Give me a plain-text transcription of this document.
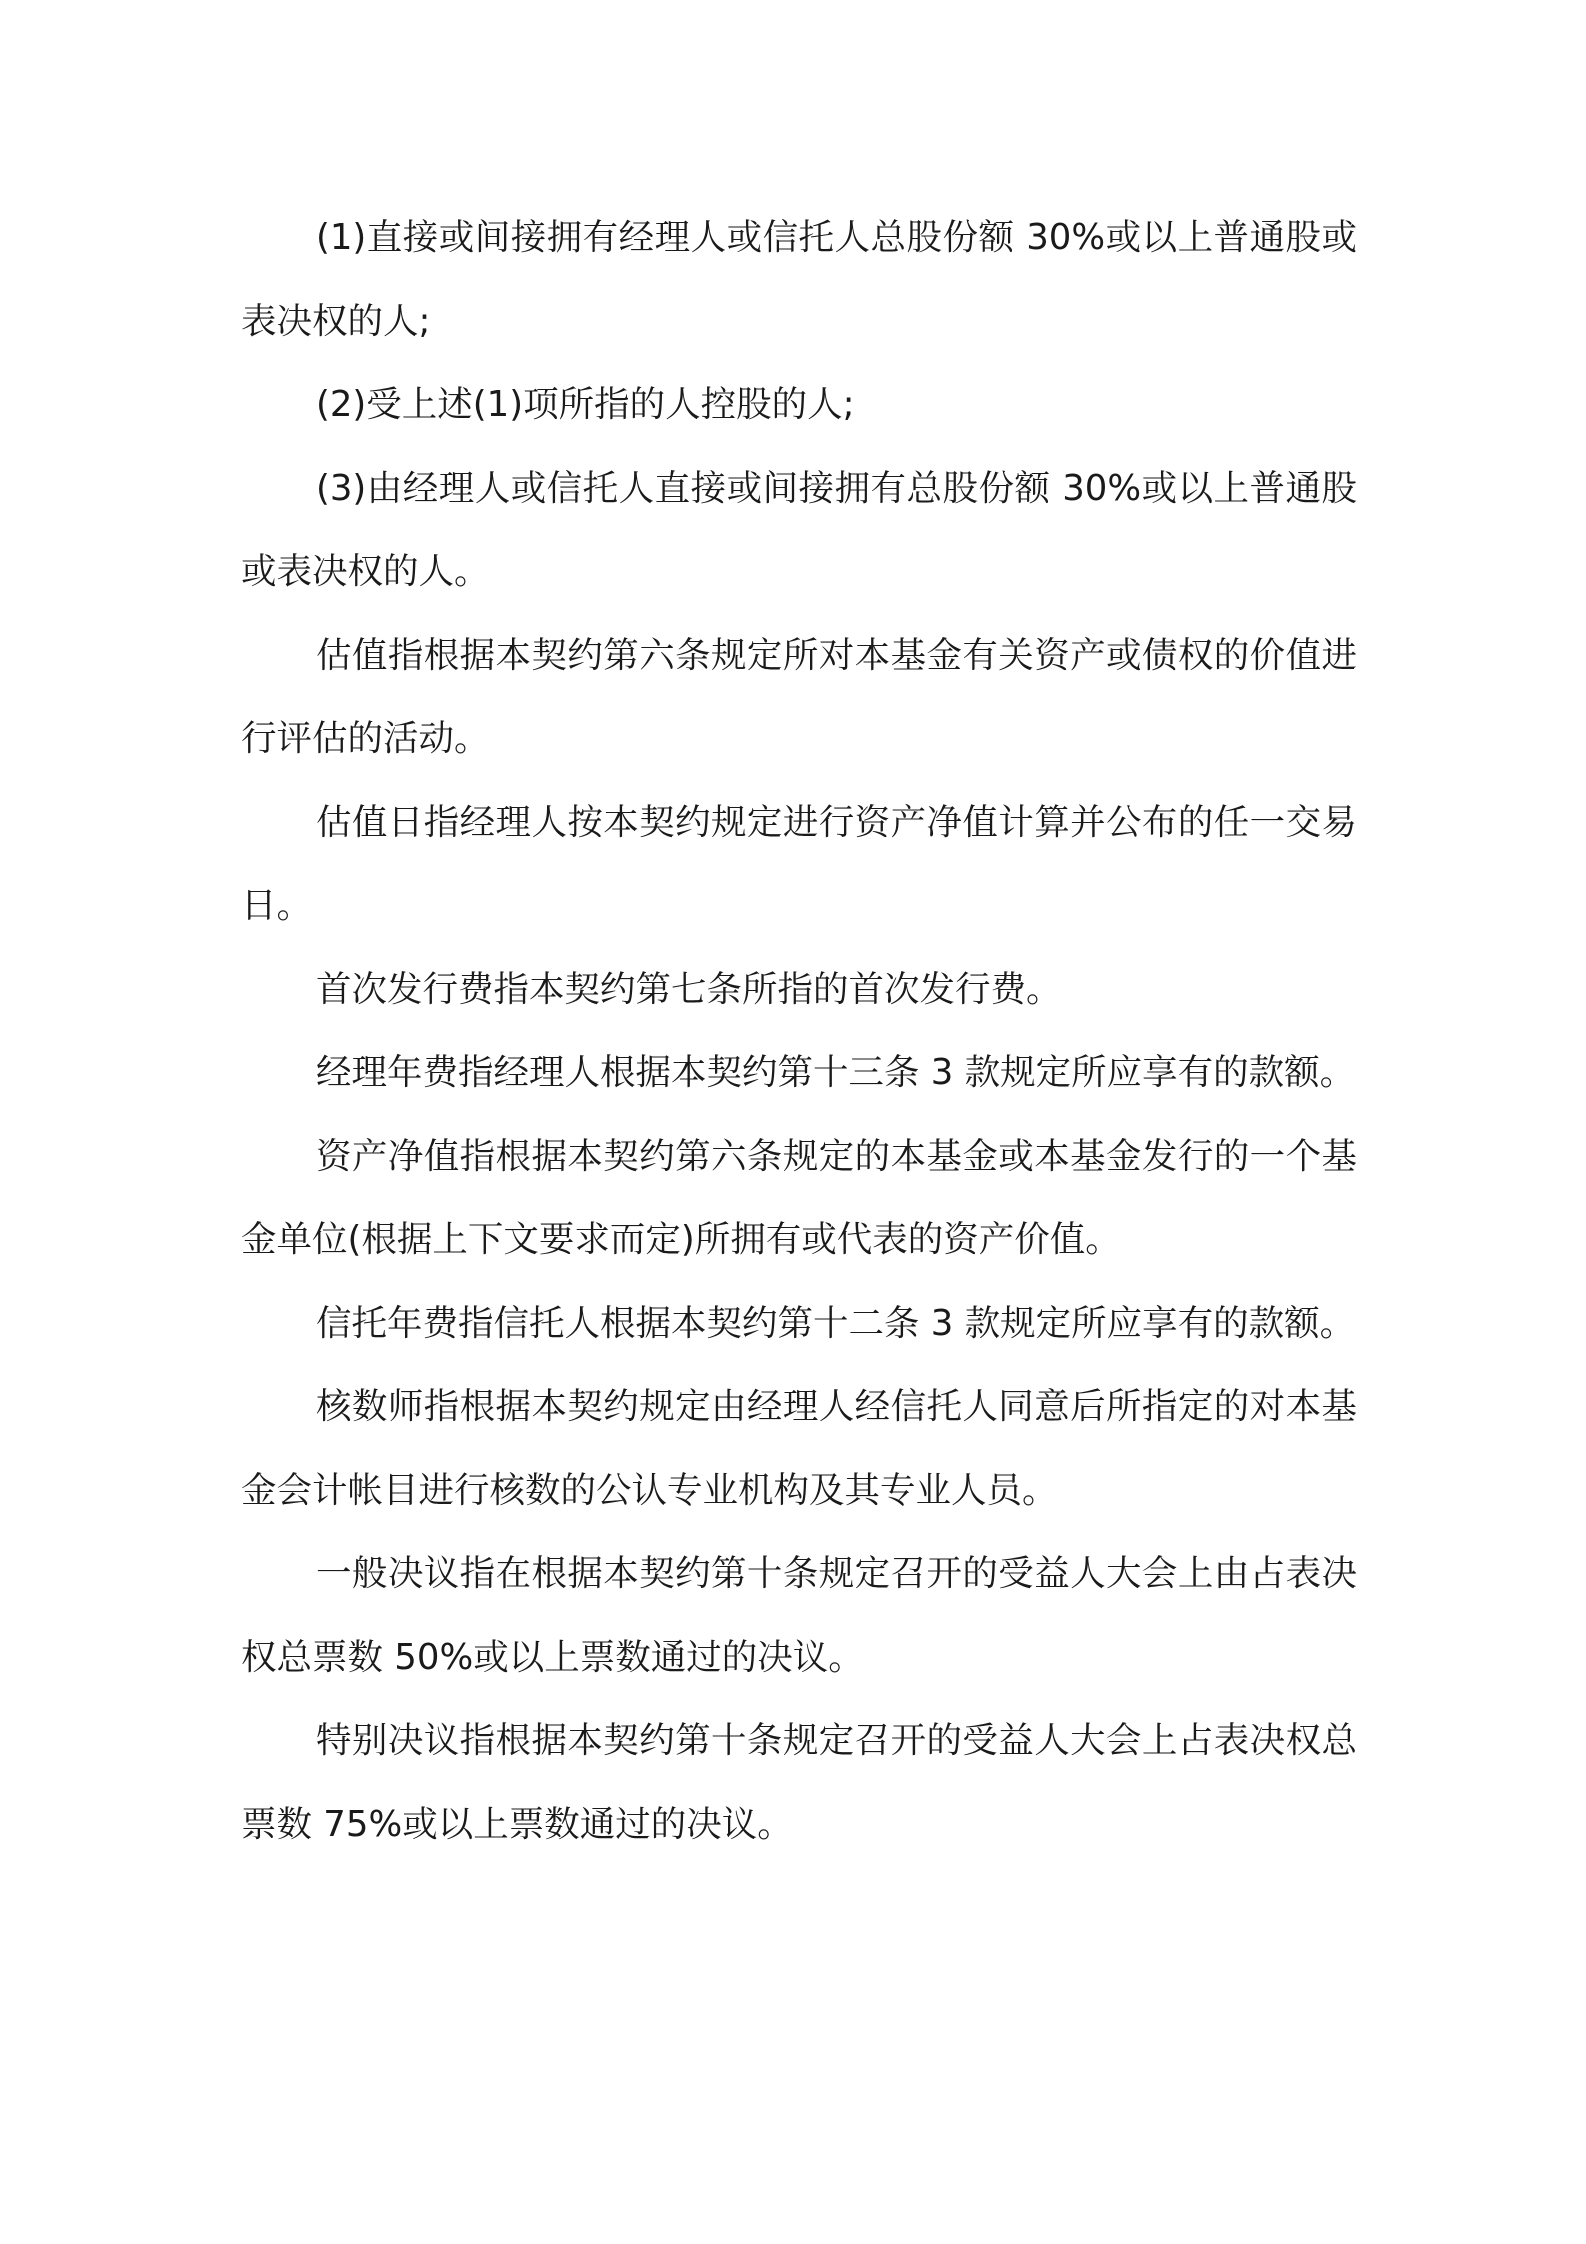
(1)直接或间接拥有经理人或信托人总股份额 30%或以上普通股或表决权的人;

(2)受上述(1)项所指的人控股的人;

(3)由经理人或信托人直接或间接拥有总股份额 30%或以上普通股或表决权的人。

估值指根据本契约第六条规定所对本基金有关资产或债权的价值进行评估的活动。

估值日指经理人按本契约规定进行资产净值计算并公布的任一交易日。

首次发行费指本契约第七条所指的首次发行费。

经理年费指经理人根据本契约第十三条 3 款规定所应享有的款额。

资产净值指根据本契约第六条规定的本基金或本基金发行的一个基金单位(根据上下文要求而定)所拥有或代表的资产价值。

信托年费指信托人根据本契约第十二条 3 款规定所应享有的款额。

核数师指根据本契约规定由经理人经信托人同意后所指定的对本基金会计帐目进行核数的公认专业机构及其专业人员。

一般决议指在根据本契约第十条规定召开的受益人大会上由占表决权总票数 50%或以上票数通过的决议。

特别决议指根据本契约第十条规定召开的受益人大会上占表决权总票数 75%或以上票数通过的决议。
